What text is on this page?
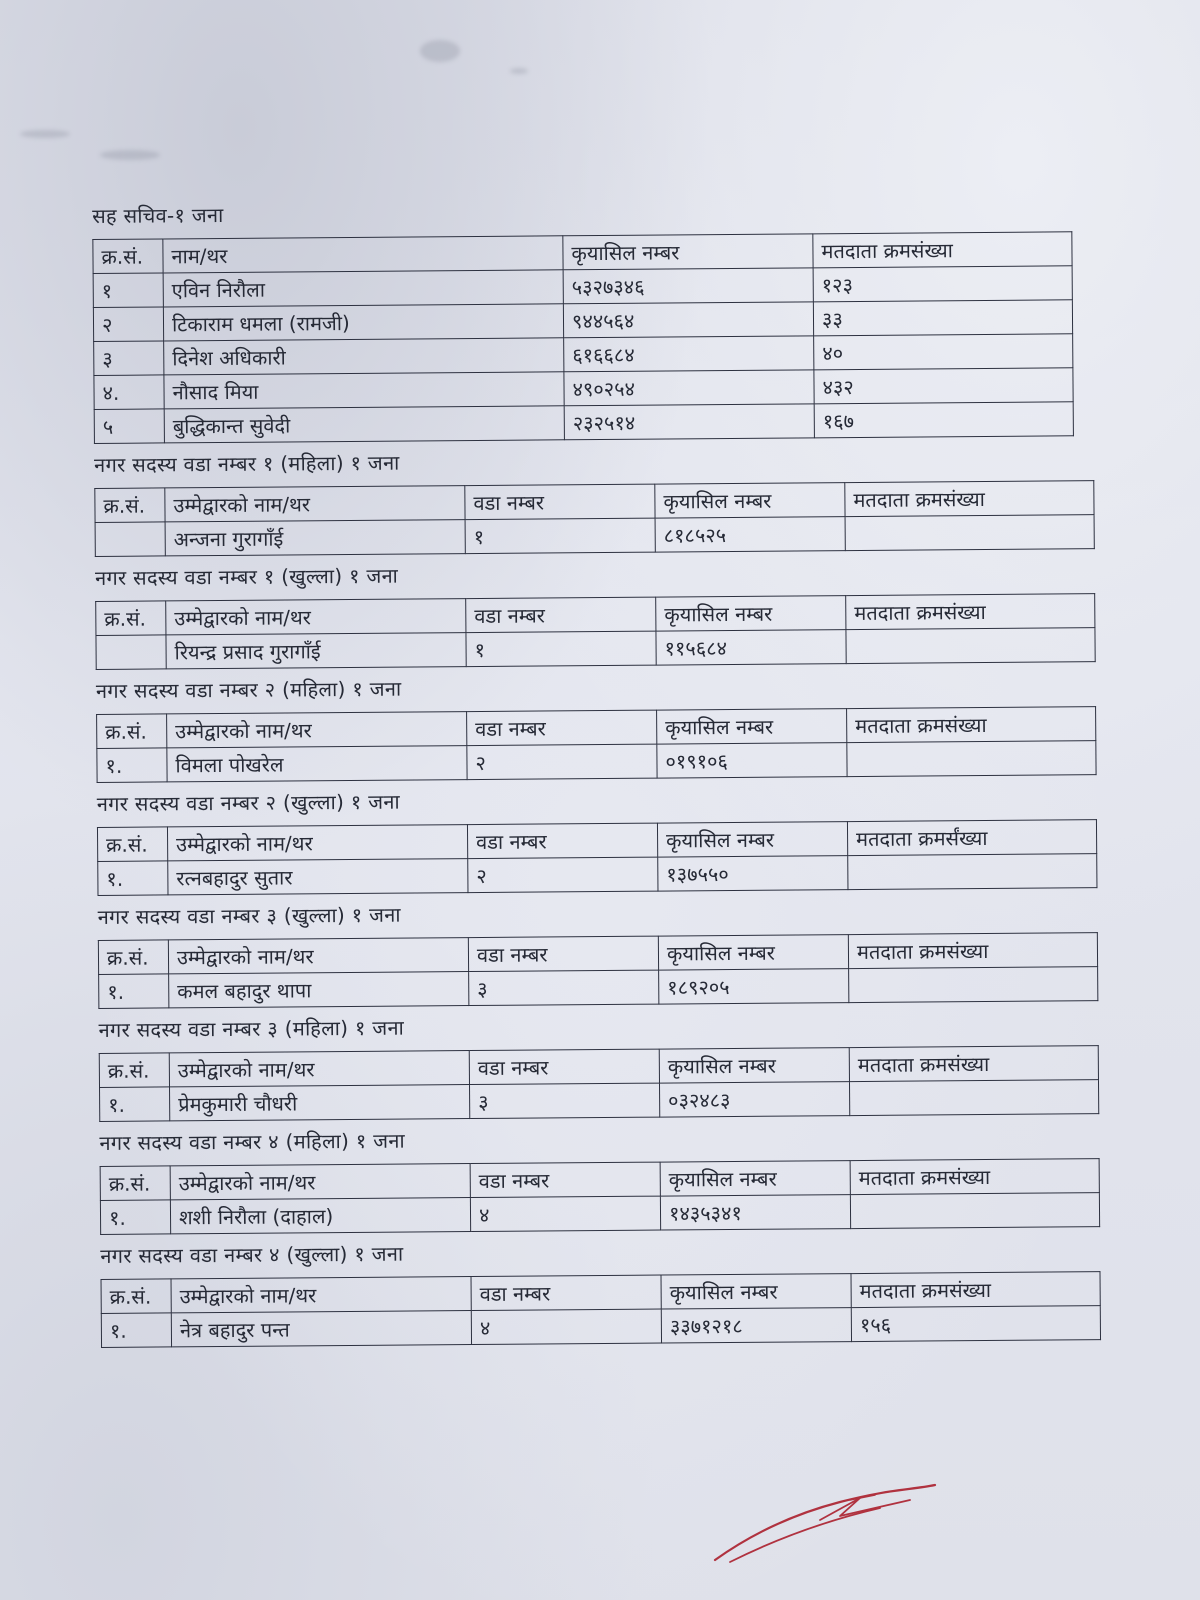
सह सचिव-१ जना
क्र.सं.	नाम/थर	कृयासिल नम्बर	मतदाता क्रमसंख्या
१	एविन निरौला	५३२७३४६	१२३
२	टिकाराम धमला (रामजी)	९४४५६४	३३
३	दिनेश अधिकारी	६१६६८४	४०
४.	नौसाद मिया	४९०२५४	४३२
५	बुद्धिकान्त सुवेदी	२३२५१४	१६७
नगर सदस्य वडा नम्बर १ (महिला) १ जना
क्र.सं.	उम्मेद्वारको नाम/थर	वडा नम्बर	कृयासिल नम्बर	मतदाता क्रमसंख्या
	अन्जना गुरागाँई	१	८१८५२५	
नगर सदस्य वडा नम्बर १ (खुल्ला) १ जना
क्र.सं.	उम्मेद्वारको नाम/थर	वडा नम्बर	कृयासिल नम्बर	मतदाता क्रमसंख्या
	रियन्द्र प्रसाद गुरागाँई	१	११५६८४	
नगर सदस्य वडा नम्बर २ (महिला) १ जना
क्र.सं.	उम्मेद्वारको नाम/थर	वडा नम्बर	कृयासिल नम्बर	मतदाता क्रमसंख्या
१.	विमला पोखरेल	२	०१९१०६	
नगर सदस्य वडा नम्बर २ (खुल्ला) १ जना
क्र.सं.	उम्मेद्वारको नाम/थर	वडा नम्बर	कृयासिल नम्बर	मतदाता क्रमर्संख्या
१.	रत्नबहादुर सुतार	२	१३७५५०	
नगर सदस्य वडा नम्बर ३ (खुल्ला) १ जना
क्र.सं.	उम्मेद्वारको नाम/थर	वडा नम्बर	कृयासिल नम्बर	मतदाता क्रमसंख्या
१.	कमल बहादुर थापा	३	१८९२०५	
नगर सदस्य वडा नम्बर ३ (महिला) १ जना
क्र.सं.	उम्मेद्वारको नाम/थर	वडा नम्बर	कृयासिल नम्बर	मतदाता क्रमसंख्या
१.	प्रेमकुमारी चौधरी	३	०३२४८३	
नगर सदस्य वडा नम्बर ४ (महिला) १ जना
क्र.सं.	उम्मेद्वारको नाम/थर	वडा नम्बर	कृयासिल नम्बर	मतदाता क्रमसंख्या
१.	शशी निरौला (दाहाल)	४	१४३५३४१	
नगर सदस्य वडा नम्बर ४ (खुल्ला) १ जना
क्र.सं.	उम्मेद्वारको नाम/थर	वडा नम्बर	कृयासिल नम्बर	मतदाता क्रमसंख्या
१.	नेत्र बहादुर पन्त	४	३३७१२१८	१५६
